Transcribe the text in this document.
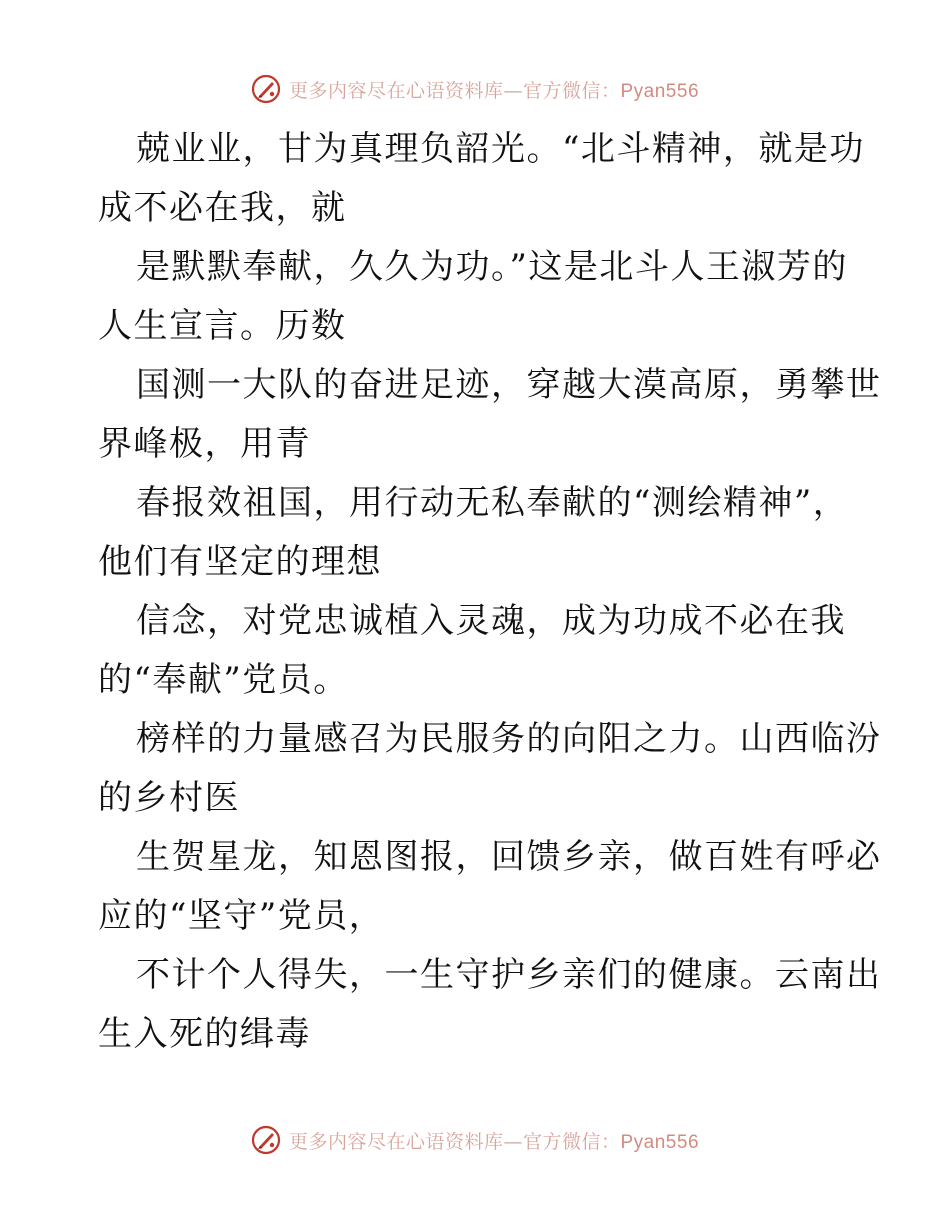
更多内容尽在心语资料库—官方微信：Pyan556
兢业业，甘为真理负韶光。“北斗精神，就是功
成不必在我，就
是默默奉献，久久为功。”这是北斗人王淑芳的
人生宣言。历数
国测一大队的奋进足迹，穿越大漠高原，勇攀世
界峰极，用青
春报效祖国，用行动无私奉献的“测绘精神”，
他们有坚定的理想
信念，对党忠诚植入灵魂，成为功成不必在我
的“奉献”党员。
榜样的力量感召为民服务的向阳之力。山西临汾
的乡村医
生贺星龙，知恩图报，回馈乡亲，做百姓有呼必
应的“坚守”党员，
不计个人得失，一生守护乡亲们的健康。云南出
生入死的缉毒
更多内容尽在心语资料库—官方微信：Pyan556
